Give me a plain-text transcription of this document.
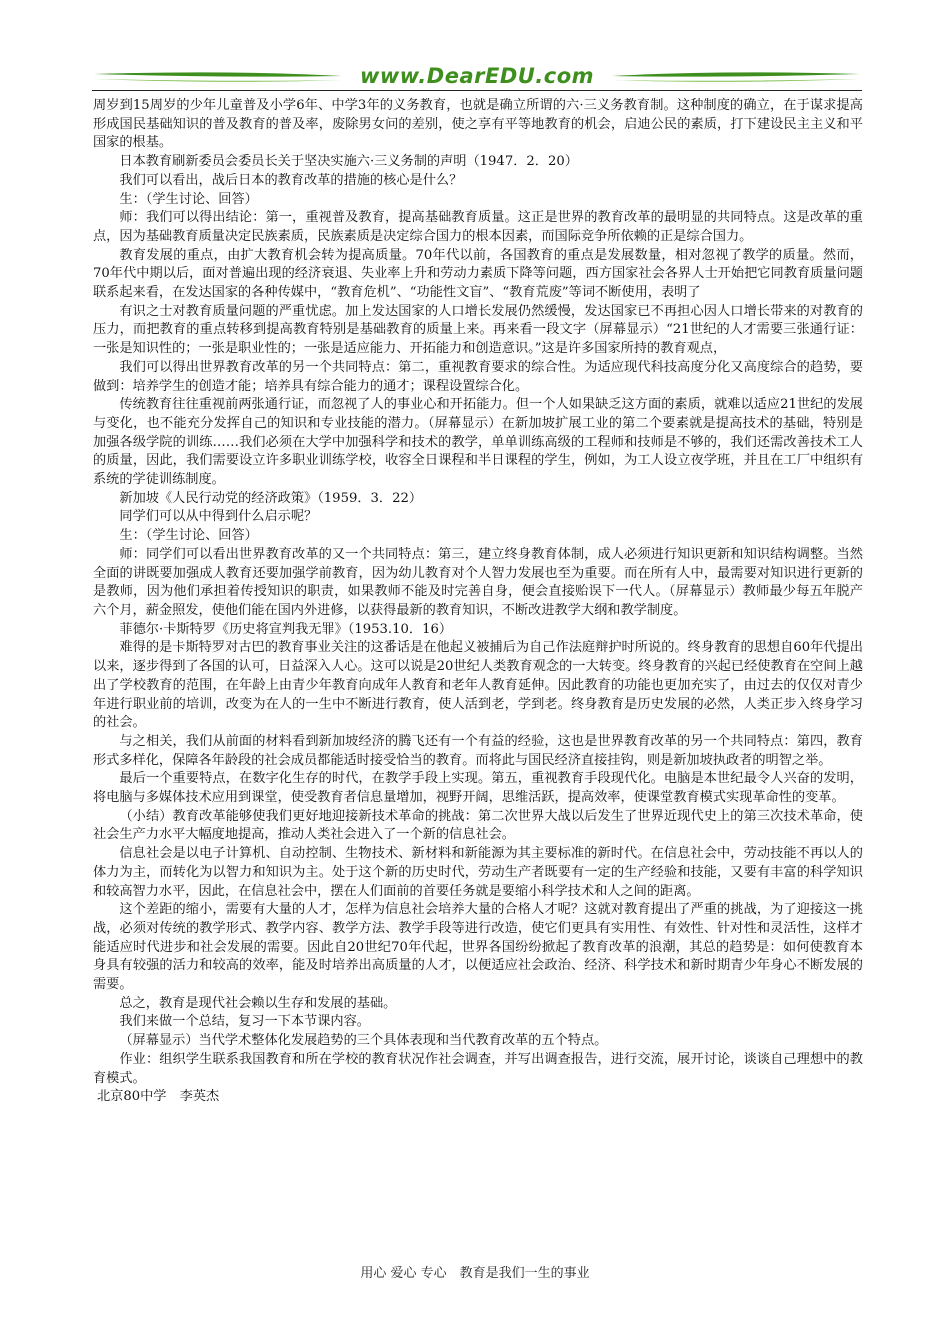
www.DearEDU.com

周岁到15周岁的少年儿童普及小学6年、中学3年的义务教育，也就是确立所谓的六·三义务教育制。这种制度的确立，在于谋求提高形成国民基础知识的普及教育的普及率，废除男女问的差别，使之享有平等地教育的机会，启迪公民的素质，打下建设民主主义和平国家的根基。

日本教育刷新委员会委员长关于坚决实施六·三义务制的声明（1947．2．20）

我们可以看出，战后日本的教育改革的措施的核心是什么？

生：（学生讨论、回答）

师：我们可以得出结论：第一，重视普及教育，提高基础教育质量。这正是世界的教育改革的最明显的共同特点。这是改革的重点，因为基础教育质量决定民族素质，民族素质是决定综合国力的根本因素，而国际竞争所依赖的正是综合国力。

教育发展的重点，由扩大教育机会转为提高质量。70年代以前，各国教育的重点是发展数量，相对忽视了教学的质量。然而，70年代中期以后，面对普遍出现的经济衰退、失业率上升和劳动力素质下降等问题，西方国家社会各界人士开始把它同教育质量问题联系起来看，在发达国家的各种传媒中，“教育危机”、“功能性文盲”、“教育荒废”等词不断使用，表明了

有识之士对教育质量问题的严重忧虑。加上发达国家的人口增长发展仍然缓慢，发达国家已不再担心因人口增长带来的对教育的压力，而把教育的重点转移到提高教育特别是基础教育的质量上来。再来看一段文字（屏幕显示）“21世纪的人才需要三张通行证：一张是知识性的；一张是职业性的；一张是适应能力、开拓能力和创造意识。”这是许多国家所持的教育观点，

我们可以得出世界教育改革的另一个共同特点：第二，重视教育要求的综合性。为适应现代科技高度分化又高度综合的趋势，要做到：培养学生的创造才能；培养具有综合能力的通才；课程设置综合化。

传统教育往往重视前两张通行证，而忽视了人的事业心和开拓能力。但一个人如果缺乏这方面的素质，就难以适应21世纪的发展与变化，也不能充分发挥自己的知识和专业技能的潜力。（屏幕显示）在新加坡扩展工业的第二个要素就是提高技术的基础，特别是加强各级学院的训练……我们必须在大学中加强科学和技术的教学，单单训练高级的工程师和技师是不够的，我们还需改善技术工人的质量，因此，我们需要设立许多职业训练学校，收容全日课程和半日课程的学生，例如，为工人设立夜学班，并且在工厂中组织有系统的学徒训练制度。

新加坡《人民行动党的经济政策》（1959．3．22）

同学们可以从中得到什么启示呢？

生：（学生讨论、回答）

师：同学们可以看出世界教育改革的又一个共同特点：第三，建立终身教育体制，成人必须进行知识更新和知识结构调整。当然全面的讲既要加强成人教育还要加强学前教育，因为幼儿教育对个人智力发展也至为重要。而在所有人中，最需要对知识进行更新的是教师，因为他们承担着传授知识的职责，如果教师不能及时完善自身，便会直接贻误下一代人。（屏幕显示）教师最少每五年脱产六个月，薪金照发，使他们能在国内外进修，以获得最新的教育知识，不断改进教学大纲和教学制度。

菲德尔·卡斯特罗《历史将宣判我无罪》（1953.10．16）

难得的是卡斯特罗对古巴的教育事业关注的这番话是在他起义被捕后为自己作法庭辩护时所说的。终身教育的思想自60年代提出以来，逐步得到了各国的认可，日益深入人心。这可以说是20世纪人类教育观念的一大转变。终身教育的兴起已经使教育在空间上越出了学校教育的范围，在年龄上由青少年教育向成年人教育和老年人教育延伸。因此教育的功能也更加充实了，由过去的仅仅对青少年进行职业前的培训，改变为在人的一生中不断进行教育，使人活到老，学到老。终身教育是历史发展的必然，人类正步入终身学习的社会。

与之相关，我们从前面的材料看到新加坡经济的腾飞还有一个有益的经验，这也是世界教育改革的另一个共同特点：第四，教育形式多样化，保障各年龄段的社会成员都能适时接受恰当的教育。而将此与国民经济直接挂钩，则是新加坡执政者的明智之举。

最后一个重要特点，在数字化生存的时代，在教学手段上实现。第五，重视教育手段现代化。电脑是本世纪最令人兴奋的发明，将电脑与多媒体技术应用到课堂，使受教育者信息量增加，视野开阔，思维活跃，提高效率，使课堂教育模式实现革命性的变革。

（小结）教育改革能够使我们更好地迎接新技术革命的挑战：第二次世界大战以后发生了世界近现代史上的第三次技术革命，使社会生产力水平大幅度地提高，推动人类社会进入了一个新的信息社会。

信息社会是以电子计算机、自动控制、生物技术、新材料和新能源为其主要标准的新时代。在信息社会中，劳动技能不再以人的体力为主，而转化为以智力和知识为主。处于这个新的历史时代，劳动生产者既要有一定的生产经验和技能，又要有丰富的科学知识和较高智力水平，因此，在信息社会中，摆在人们面前的首要任务就是要缩小科学技术和人之间的距离。

这个差距的缩小，需要有大量的人才，怎样为信息社会培养大量的合格人才呢？这就对教育提出了严重的挑战，为了迎接这一挑战，必须对传统的教学形式、教学内容、教学方法、教学手段等进行改造，使它们更具有实用性、有效性、针对性和灵活性，这样才能适应时代进步和社会发展的需要。因此自20世纪70年代起，世界各国纷纷掀起了教育改革的浪潮，其总的趋势是：如何使教育本身具有较强的活力和较高的效率，能及时培养出高质量的人才，以便适应社会政治、经济、科学技术和新时期青少年身心不断发展的需要。

总之，教育是现代社会赖以生存和发展的基础。

我们来做一个总结，复习一下本节课内容。

（屏幕显示）当代学术整体化发展趋势的三个具体表现和当代教育改革的五个特点。

作业：组织学生联系我国教育和所在学校的教育状况作社会调查，并写出调查报告，进行交流，展开讨论，谈谈自己理想中的教育模式。

北京80中学　李英杰

用心 爱心 专心　教育是我们一生的事业
